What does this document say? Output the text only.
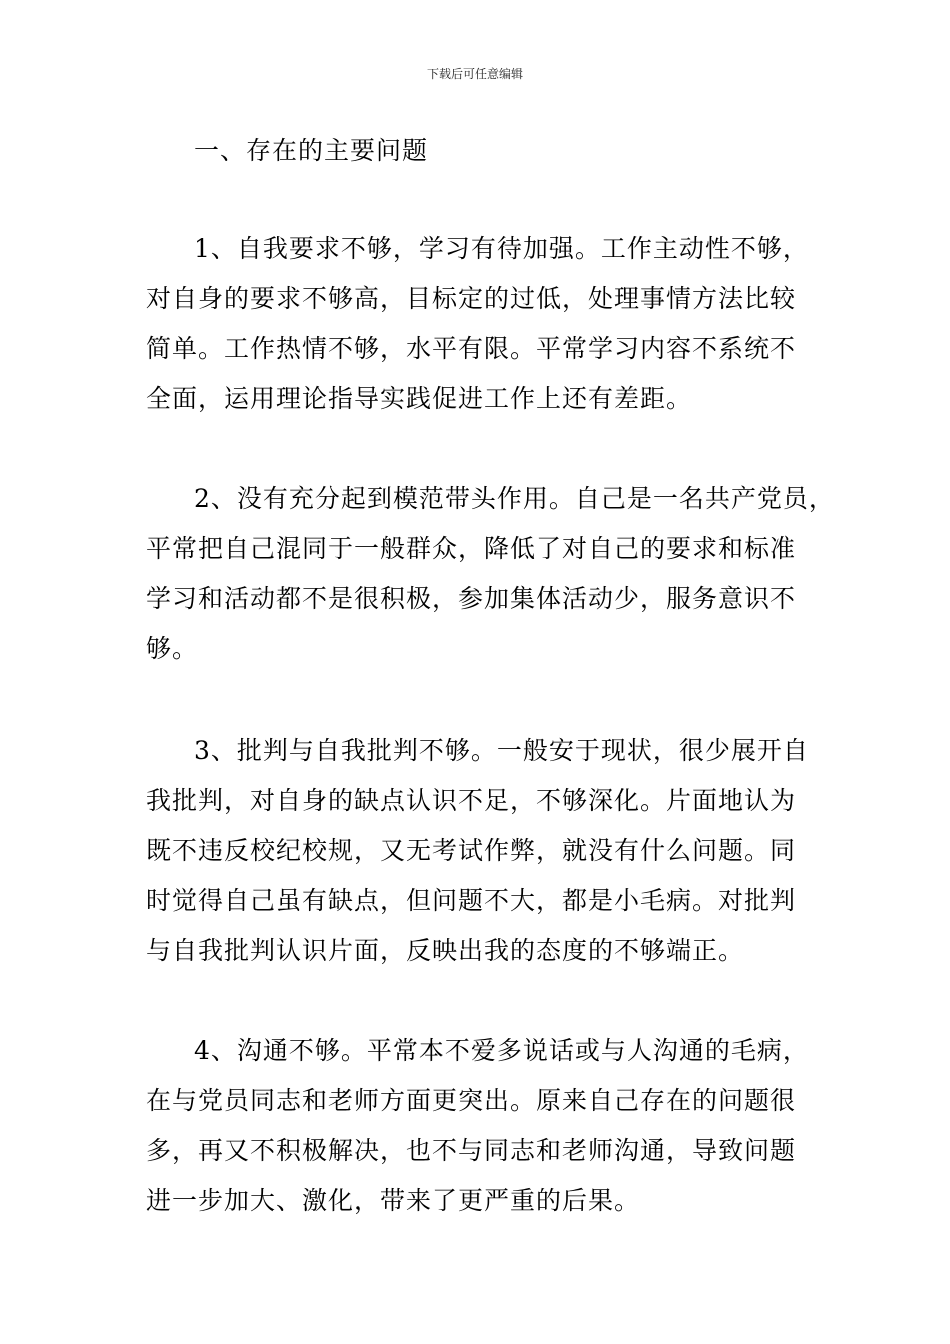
下载后可任意编辑
一、存在的主要问题

1、自我要求不够，学习有待加强。工作主动性不够，
对自身的要求不够高，目标定的过低，处理事情方法比较
简单。工作热情不够，水平有限。平常学习内容不系统不
全面，运用理论指导实践促进工作上还有差距。

2、没有充分起到模范带头作用。自己是一名共产党员，
平常把自己混同于一般群众，降低了对自己的要求和标准
学习和活动都不是很积极，参加集体活动少，服务意识不
够。

3、批判与自我批判不够。一般安于现状，很少展开自
我批判，对自身的缺点认识不足，不够深化。片面地认为
既不违反校纪校规，又无考试作弊，就没有什么问题。同
时觉得自己虽有缺点，但问题不大，都是小毛病。对批判
与自我批判认识片面，反映出我的态度的不够端正。

4、沟通不够。平常本不爱多说话或与人沟通的毛病，
在与党员同志和老师方面更突出。原来自己存在的问题很
多，再又不积极解决，也不与同志和老师沟通，导致问题
进一步加大、激化，带来了更严重的后果。
